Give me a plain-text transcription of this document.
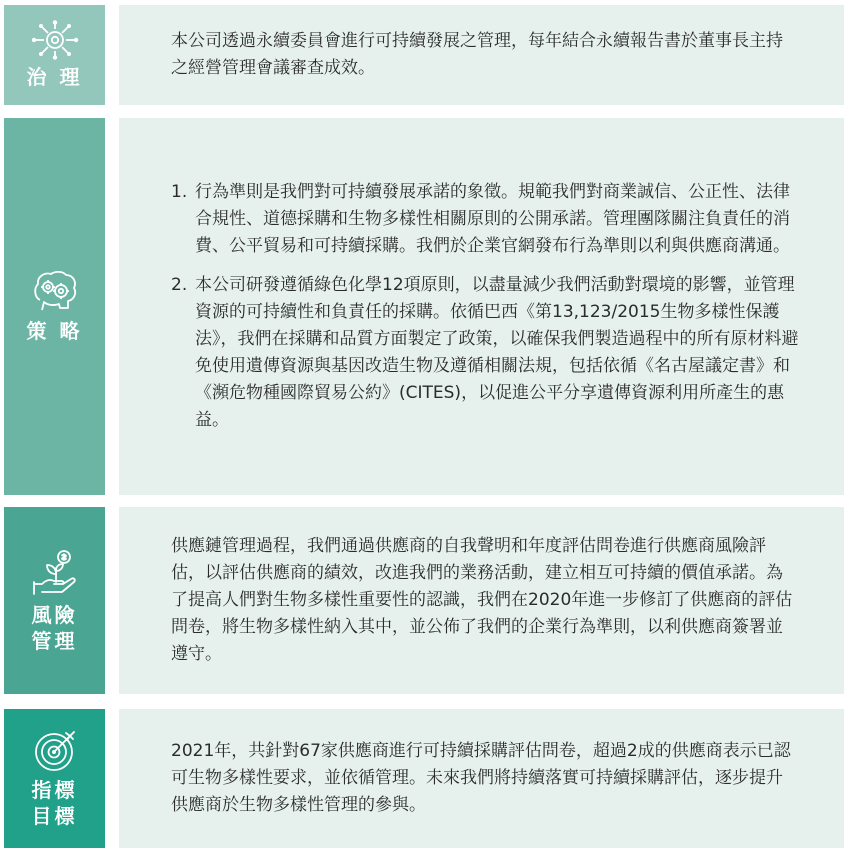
治 理

本公司透過永續委員會進行可持續發展之管理，每年結合永續報告書於董事長主持之經營管理會議審查成效。

策 略
1. 行為準則是我們對可持續發展承諾的象徵。規範我們對商業誠信、公正性、法律合規性、道德採購和生物多樣性相關原則的公開承諾。管理團隊關注負責任的消費、公平貿易和可持續採購。我們於企業官網發布行為準則以利與供應商溝通。
2. 本公司研發遵循綠色化學12項原則，以盡量減少我們活動對環境的影響，並管理資源的可持續性和負責任的採購。依循巴西《第13,123/2015生物多樣性保護法》，我們在採購和品質方面製定了政策，以確保我們製造過程中的所有原材料避免使用遺傳資源與基因改造生物及遵循相關法規，包括依循《名古屋議定書》和《瀕危物種國際貿易公約》(CITES)，以促進公平分享遺傳資源利用所產生的惠益。
風險
管理

供應鏈管理過程，我們通過供應商的自我聲明和年度評估問卷進行供應商風險評估，以評估供應商的績效，改進我們的業務活動，建立相互可持續的價值承諾。為了提高人們對生物多樣性重要性的認識，我們在2020年進一步修訂了供應商的評估問卷，將生物多樣性納入其中，並公佈了我們的企業行為準則，以利供應商簽署並遵守。

指標
目標

2021年，共針對67家供應商進行可持續採購評估問卷，超過2成的供應商表示已認可生物多樣性要求，並依循管理。未來我們將持續落實可持續採購評估，逐步提升供應商於生物多樣性管理的參與。
